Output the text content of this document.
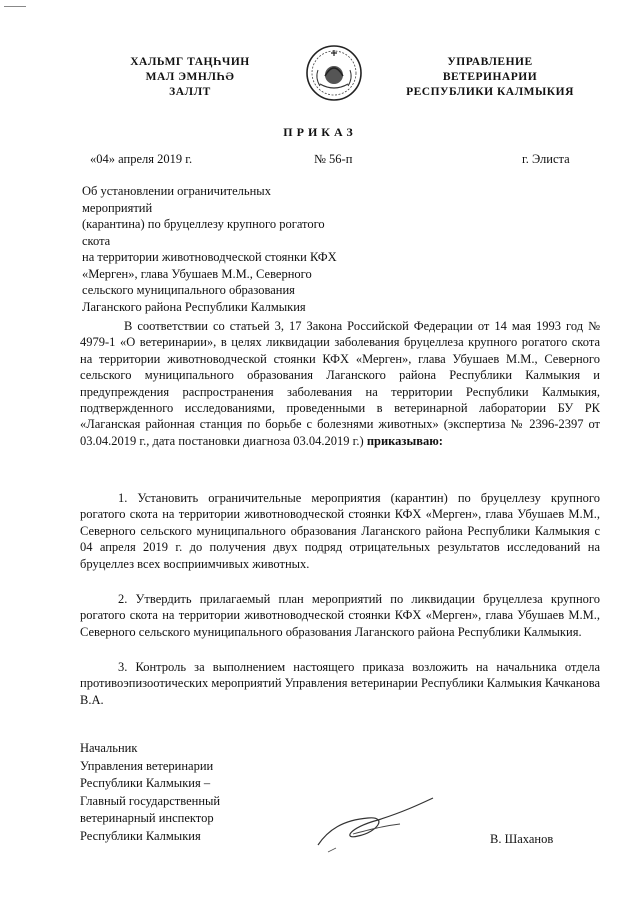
ХАЛЬМГ ТАҢҺЧИН
МАЛ ЭМНЛҺӘ
ЗАЛЛТ
УПРАВЛЕНИЕ
ВЕТЕРИНАРИИ
РЕСПУБЛИКИ КАЛМЫКИЯ
ПРИКАЗ
«04» апреля 2019 г.	№ 56-п	г. Элиста
Об установлении ограничительных мероприятий
(карантина) по бруцеллезу крупного рогатого скота
на территории животноводческой стоянки КФХ
«Мерген», глава Убушаев М.М., Северного
сельского муниципального образования
Лаганского района Республики Калмыкия
В соответствии со статьей 3, 17 Закона Российской Федерации от 14 мая 1993 год № 4979-1 «О ветеринарии», в целях ликвидации заболевания бруцеллеза крупного рогатого скота на территории животноводческой стоянки КФХ «Мерген», глава Убушаев М.М., Северного сельского муниципального образования Лаганского района Республики Калмыкия и предупреждения распространения заболевания на территории Республики Калмыкия, подтвержденного исследованиями, проведенными в ветеринарной лаборатории БУ РК «Лаганская районная станция по борьбе с болезнями животных» (экспертиза № 2396-2397 от 03.04.2019 г., дата постановки диагноза 03.04.2019 г.) приказываю:
1. Установить ограничительные мероприятия (карантин) по бруцеллезу крупного рогатого скота на территории животноводческой стоянки КФХ «Мерген», глава Убушаев М.М., Северного сельского муниципального образования Лаганского района Республики Калмыкия с 04 апреля 2019 г. до получения двух подряд отрицательных результатов исследований на бруцеллез всех восприимчивых животных.
2. Утвердить прилагаемый план мероприятий по ликвидации бруцеллеза крупного рогатого скота на территории животноводческой стоянки КФХ «Мерген», глава Убушаев М.М., Северного сельского муниципального образования Лаганского района Республики Калмыкия.
3. Контроль за выполнением настоящего приказа возложить на начальника отдела противоэпизоотических мероприятий Управления ветеринарии Республики Калмыкия Качканова В.А.
Начальник
Управления ветеринарии
Республики Калмыкия –
Главный государственный
ветеринарный инспектор
Республики Калмыкия	В. Шаханов
